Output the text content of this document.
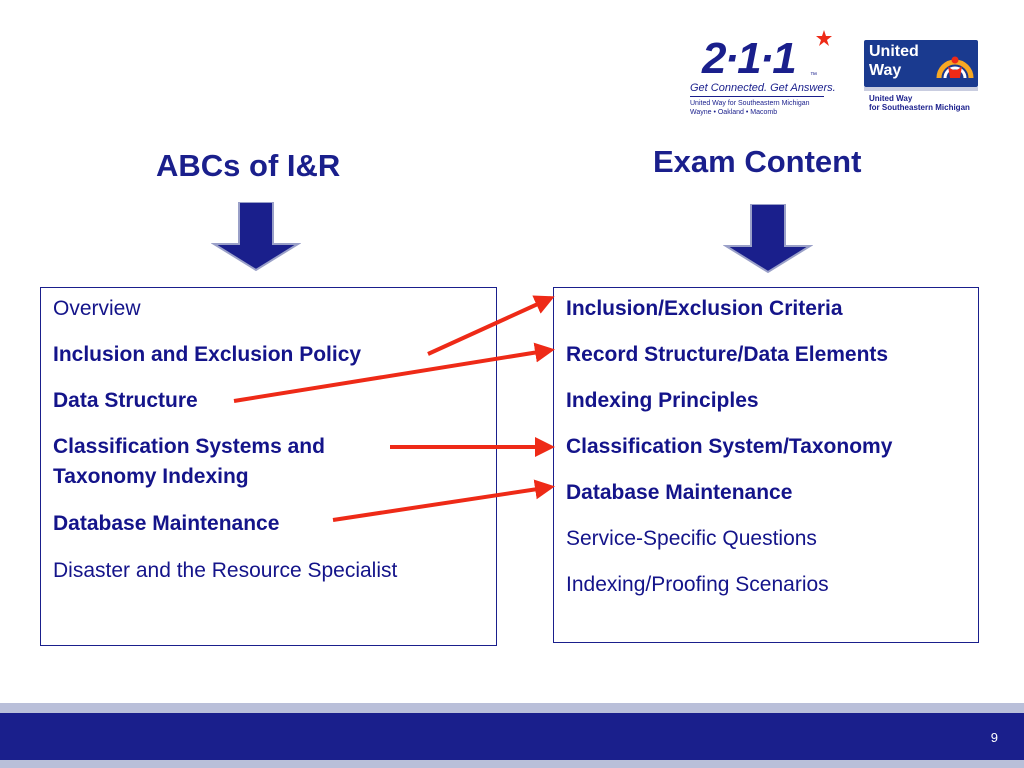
2·1·1 ™
Get Connected. Get Answers.
United Way for Southeastern Michigan
Wayne • Oakland • Macomb
United
Way
United Way
for Southeastern Michigan
ABCs of I&R	Exam Content
Overview
Inclusion and Exclusion Policy
Data Structure
Classification Systems and
Taxonomy Indexing
Database Maintenance
Disaster and the Resource Specialist
Inclusion/Exclusion Criteria
Record Structure/Data Elements
Indexing Principles
Classification System/Taxonomy
Database Maintenance
Service-Specific Questions
Indexing/Proofing Scenarios
9
